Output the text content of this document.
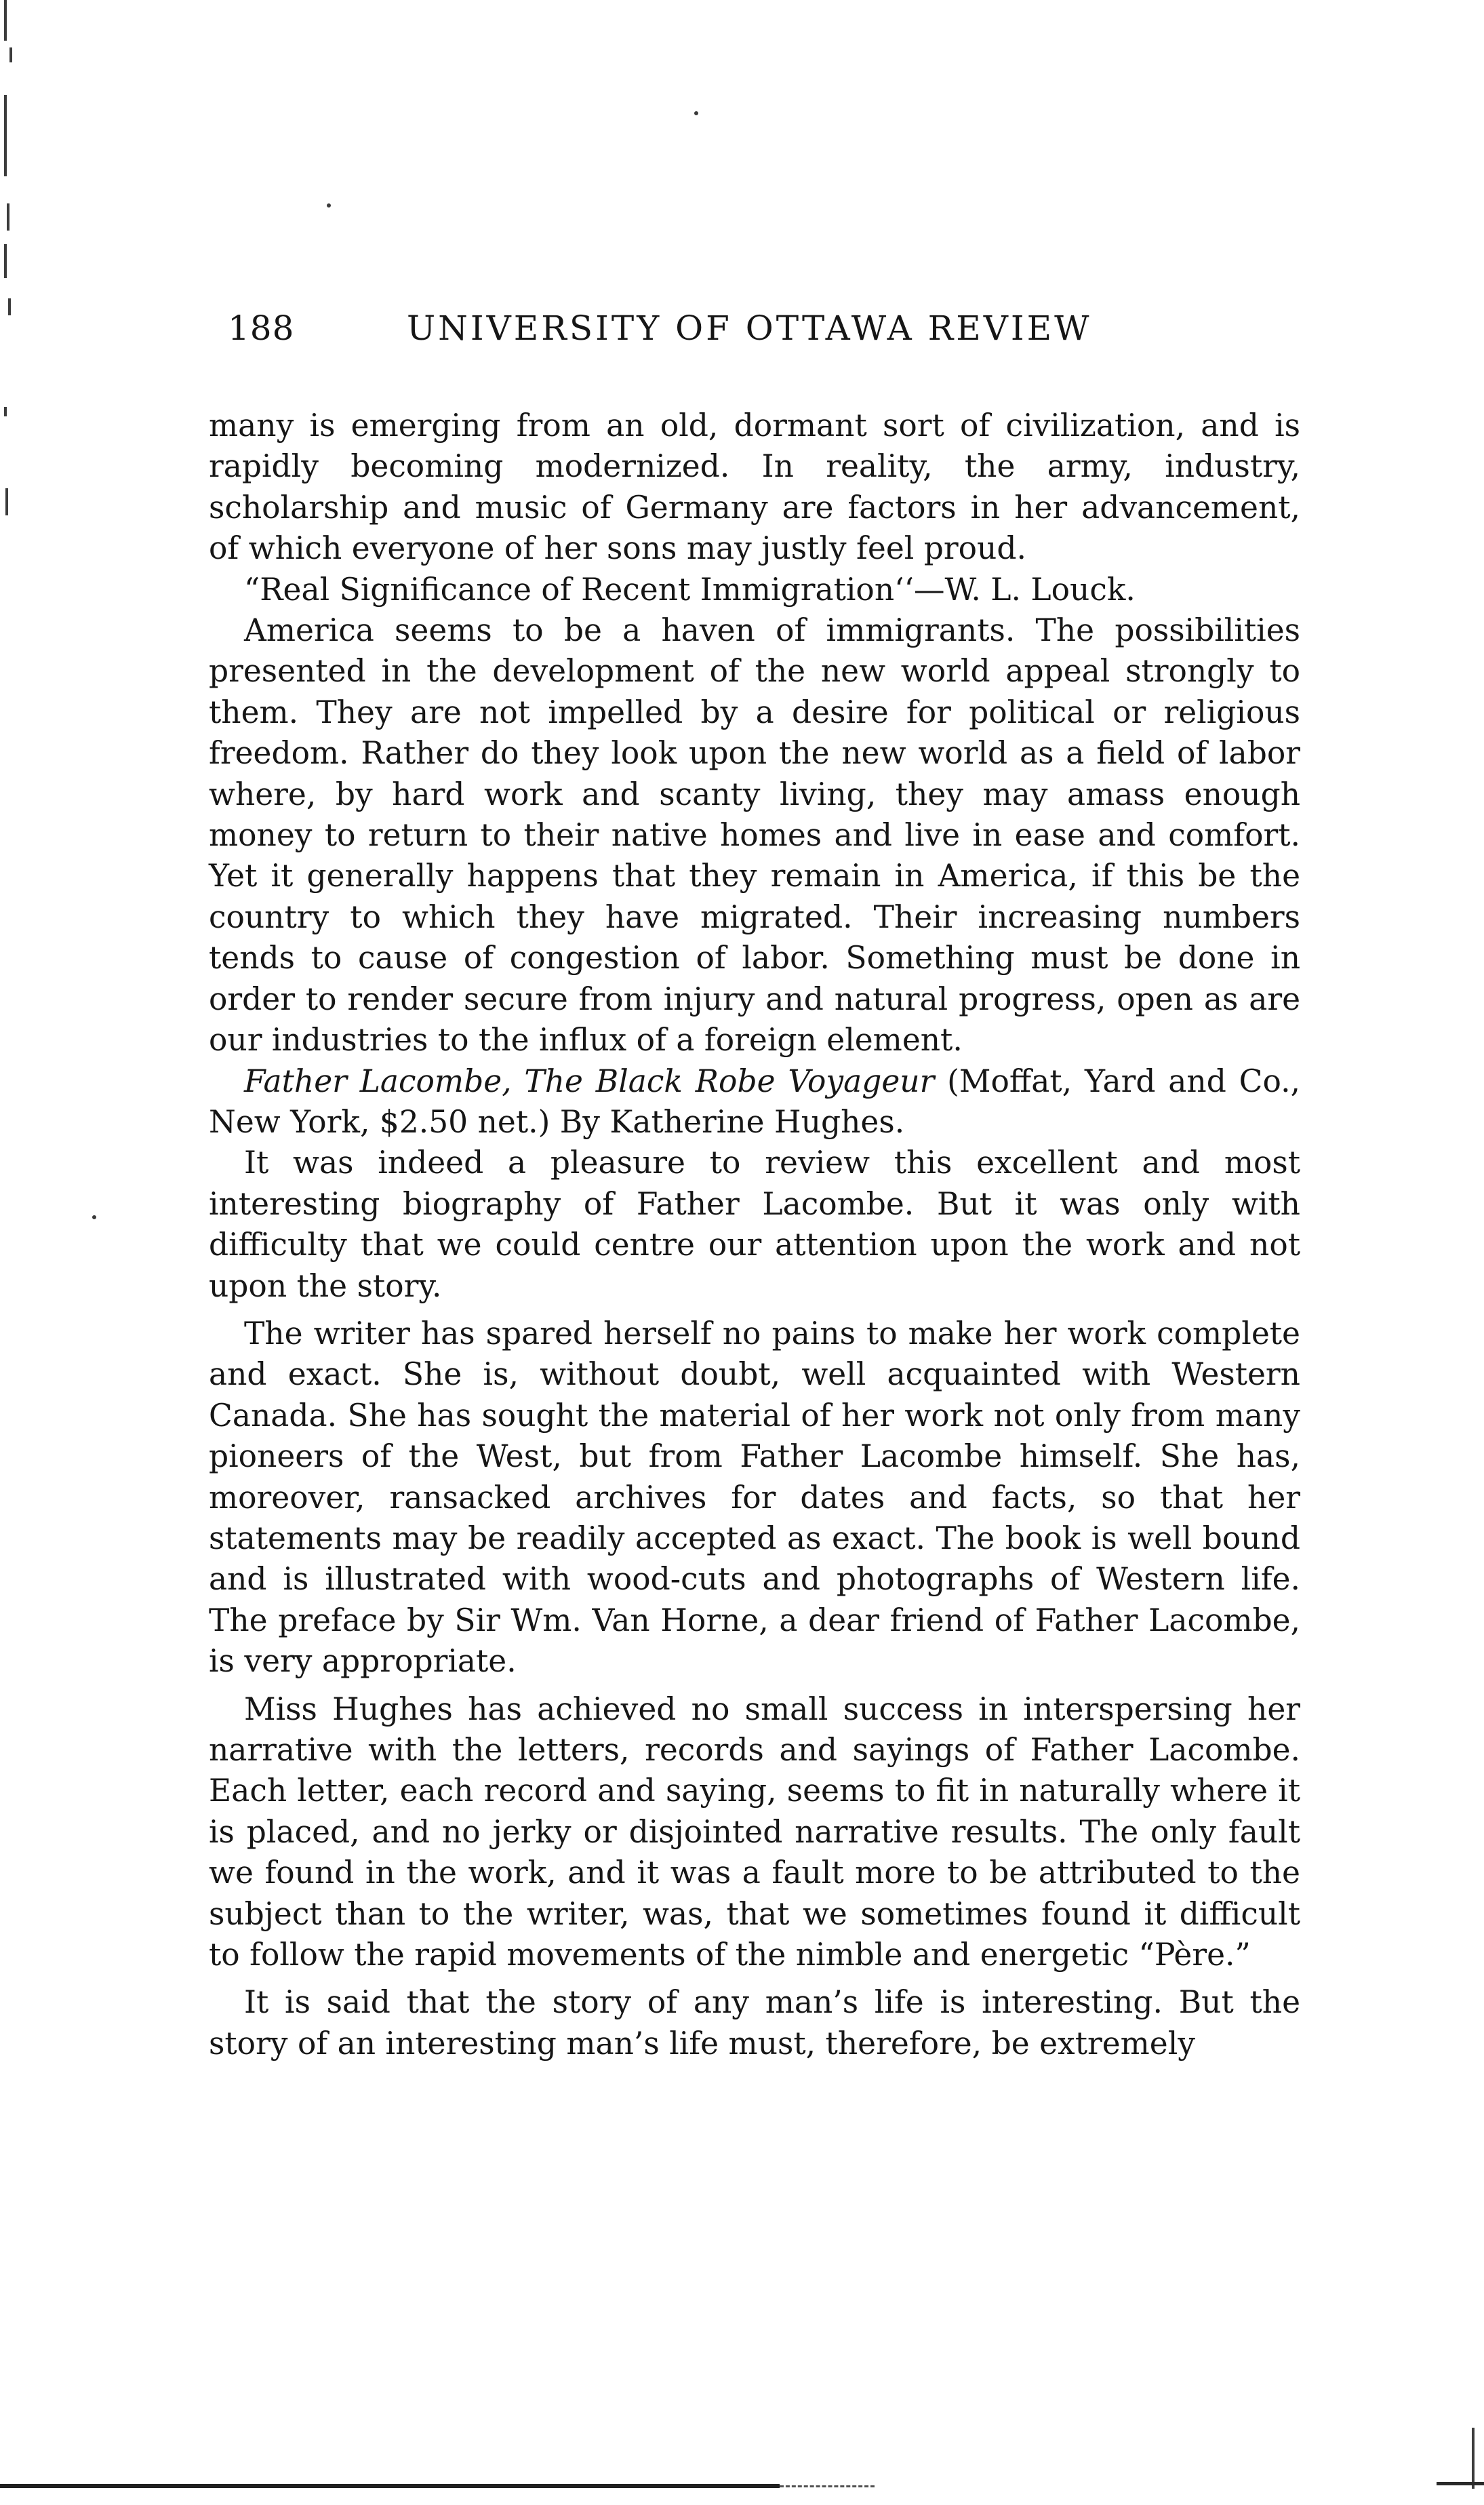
188	UNIVERSITY OF OTTAWA REVIEW

many is emerging from an old, dormant sort of civilization, and is rapidly becoming modernized. In reality, the army, industry, scholarship and music of Germany are factors in her advancement, of which everyone of her sons may justly feel proud.

“Real Significance of Recent Immigration‘‘—W. L. Louck.

America seems to be a haven of immigrants. The possibilities presented in the development of the new world appeal strongly to them. They are not impelled by a desire for political or religious freedom. Rather do they look upon the new world as a field of labor where, by hard work and scanty living, they may amass enough money to return to their native homes and live in ease and comfort. Yet it generally happens that they remain in America, if this be the country to which they have migrated. Their increasing numbers tends to cause of congestion of labor. Something must be done in order to render secure from injury and natural progress, open as are our industries to the influx of a foreign element.

Father Lacombe, The Black Robe Voyageur (Moffat, Yard and Co., New York, $2.50 net.) By Katherine Hughes.

It was indeed a pleasure to review this excellent and most interesting biography of Father Lacombe. But it was only with difficulty that we could centre our attention upon the work and not upon the story.

The writer has spared herself no pains to make her work complete and exact. She is, without doubt, well acquainted with Western Canada. She has sought the material of her work not only from many pioneers of the West, but from Father Lacombe himself. She has, moreover, ransacked archives for dates and facts, so that her statements may be readily accepted as exact. The book is well bound and is illustrated with wood-cuts and photographs of Western life. The preface by Sir Wm. Van Horne, a dear friend of Father Lacombe, is very appropriate.

Miss Hughes has achieved no small success in interspersing her narrative with the letters, records and sayings of Father Lacombe. Each letter, each record and saying, seems to fit in naturally where it is placed, and no jerky or disjointed narrative results. The only fault we found in the work, and it was a fault more to be attributed to the subject than to the writer, was, that we sometimes found it difficult to follow the rapid movements of the nimble and energetic “Père.”

It is said that the story of any man’s life is interesting. But the story of an interesting man’s life must, therefore, be extremely
